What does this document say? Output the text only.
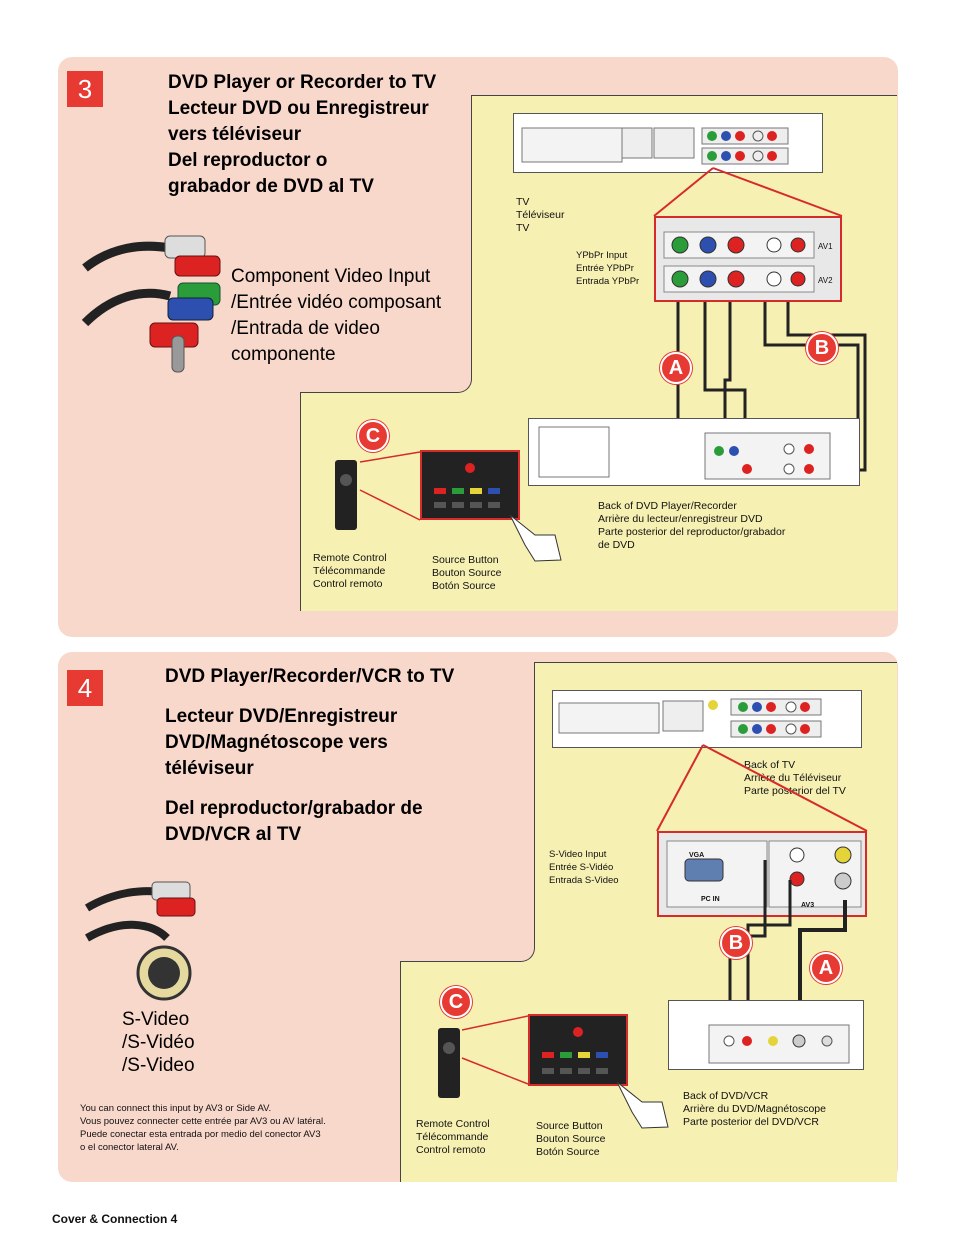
3	DVD Player or Recorder to TV
Lecteur DVD ou Enregistreur
vers téléviseur
Del reproductor o
grabador de DVD al TV
Component Video Input
/Entrée vidéo composant
/Entrada de video
componente
TV
Téléviseur
TV
AV1
AV2
YPbPr Input
Entrée YPbPr
Entrada YPbPr
A
B
C
Back of DVD Player/Recorder
Arrière du lecteur/enregistreur DVD
Parte posterior del reproductor/grabador
de DVD
Remote Control
Télécommande
Control remoto
Source Button
Bouton Source
Botón Source
4	DVD Player/Recorder/VCR to TV
Lecteur DVD/Enregistreur
DVD/Magnétoscope vers
téléviseur
Del reproductor/grabador de
DVD/VCR al TV
S-Video
/S-Vidéo
/S-Video
You can connect this input by AV3 or Side AV.
Vous pouvez connecter cette entrée par AV3 ou AV latéral.
Puede conectar esta entrada por medio del conector AV3
o el conector lateral AV.
Back of TV
Arrière du Téléviseur
Parte posterior del TV
S-Video Input
Entrée S-Vidéo
Entrada S-Video
VGA
PC IN
AV3
B
A
C
Back of DVD/VCR
Arrière du DVD/Magnétoscope
Parte posterior del DVD/VCR
Remote Control
Télécommande
Control remoto
Source Button
Bouton Source
Botón Source
Cover & Connection 4
